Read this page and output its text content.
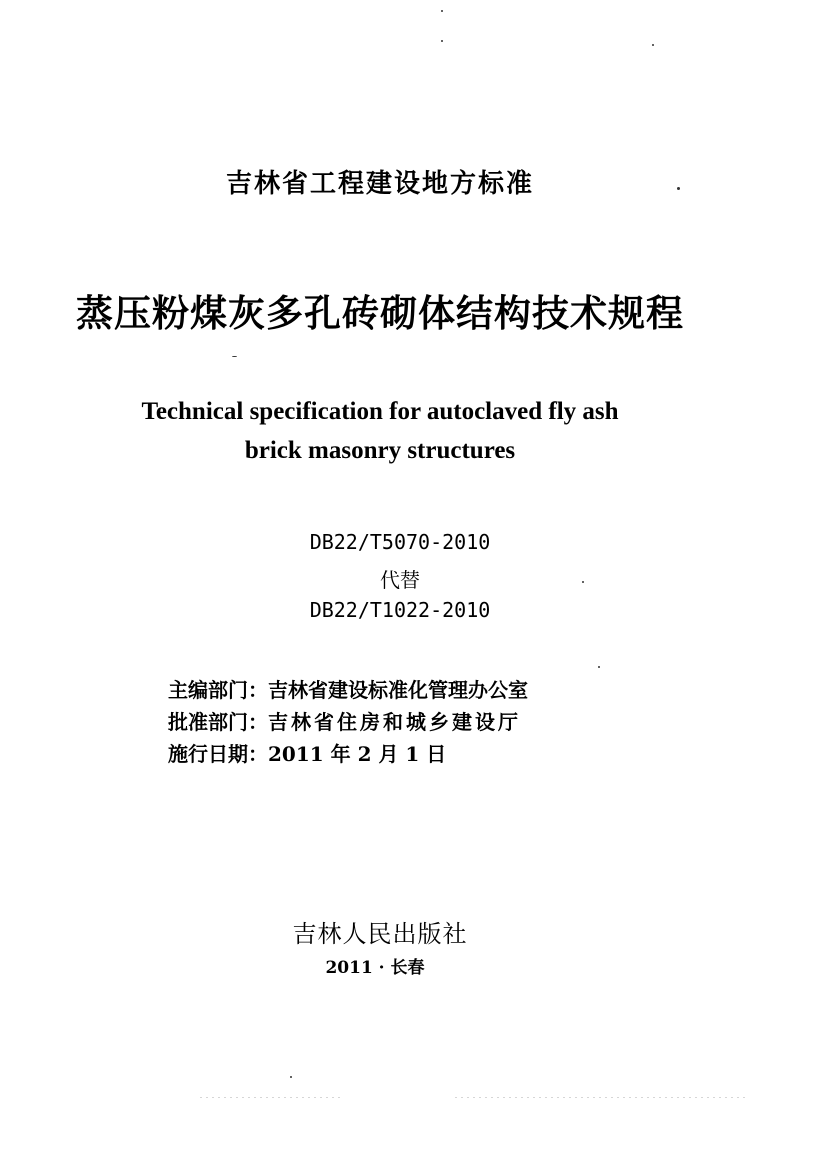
吉林省工程建设地方标准
蒸压粉煤灰多孔砖砌体结构技术规程
Technical specification for autoclaved fly ash
brick masonry structures
DB22/T5070-2010
代替
DB22/T1022-2010
主编部门：吉林省建设标准化管理办公室
批准部门：吉林省住房和城乡建设厅
施行日期：2011 年 2 月 1 日
吉林人民出版社
2011 · 长春
